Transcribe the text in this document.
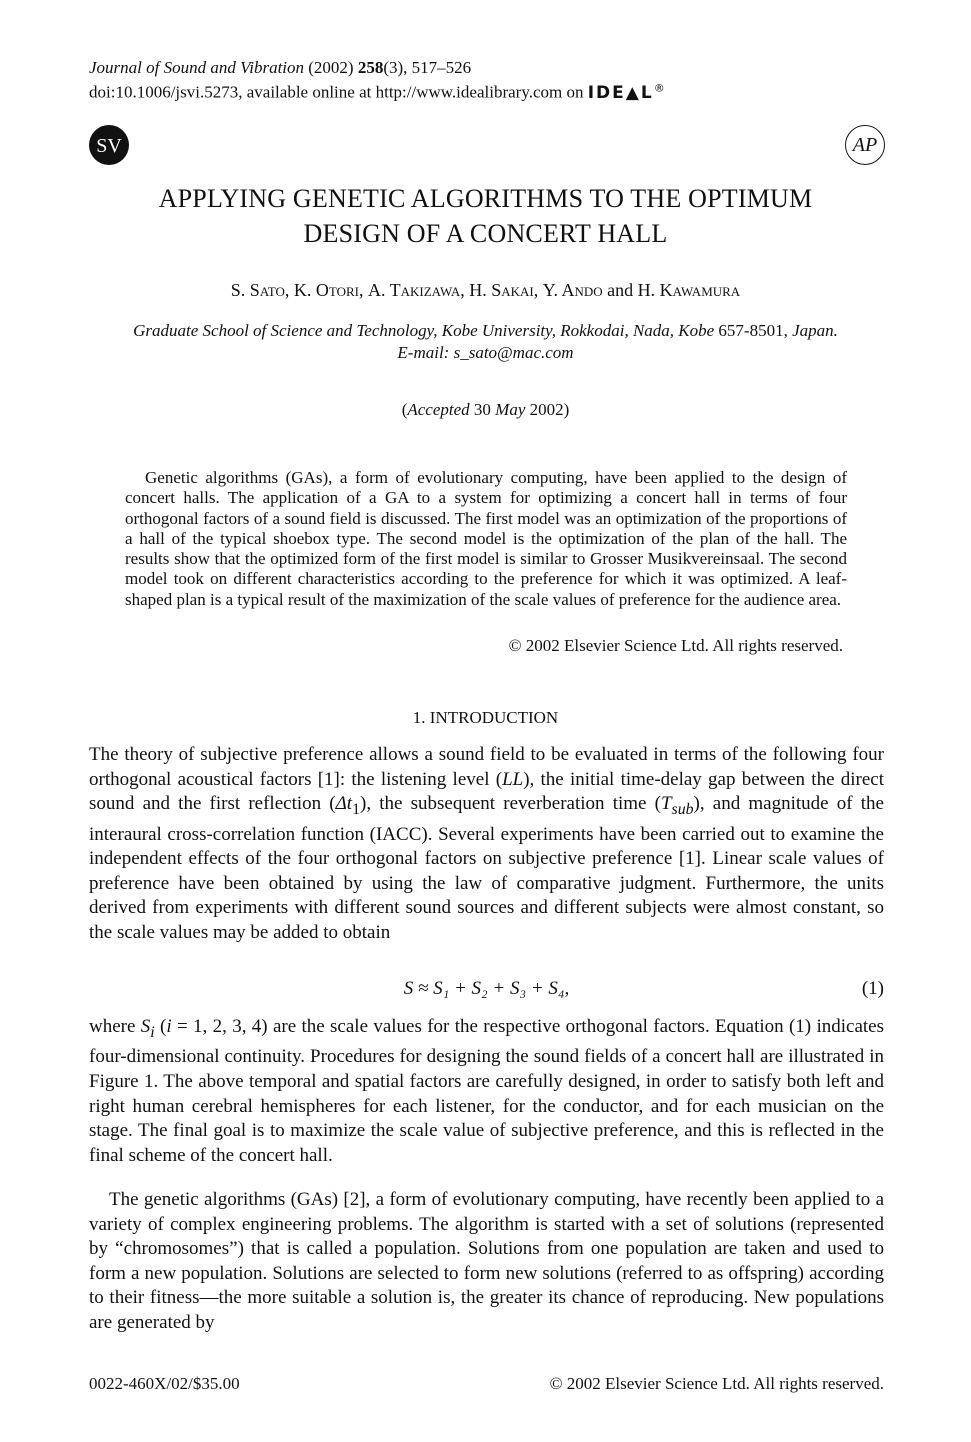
Journal of Sound and Vibration (2002) 258(3), 517–526
doi:10.1006/jsvi.5273, available online at http://www.idealibrary.com on IDE▲L®
SV	AP
APPLYING GENETIC ALGORITHMS TO THE OPTIMUM
DESIGN OF A CONCERT HALL
S. Sato, K. Otori, A. Takizawa, H. Sakai, Y. Ando and H. Kawamura
Graduate School of Science and Technology, Kobe University, Rokkodai, Nada, Kobe 657-8501, Japan.
E-mail: s_sato@mac.com
(Accepted 30 May 2002)
Genetic algorithms (GAs), a form of evolutionary computing, have been applied to the design of concert halls. The application of a GA to a system for optimizing a concert hall in terms of four orthogonal factors of a sound field is discussed. The first model was an optimization of the proportions of a hall of the typical shoebox type. The second model is the optimization of the plan of the hall. The results show that the optimized form of the first model is similar to Grosser Musikvereinsaal. The second model took on different characteristics according to the preference for which it was optimized. A leaf-shaped plan is a typical result of the maximization of the scale values of preference for the audience area.
© 2002 Elsevier Science Ltd. All rights reserved.
1. INTRODUCTION
The theory of subjective preference allows a sound field to be evaluated in terms of the following four orthogonal acoustical factors [1]: the listening level (LL), the initial time-delay gap between the direct sound and the first reflection $(\Delta t_1)$, the subsequent reverberation time $(T_{sub})$, and magnitude of the interaural cross-correlation function (IACC). Several experiments have been carried out to examine the independent effects of the four orthogonal factors on subjective preference [1]. Linear scale values of preference have been obtained by using the law of comparative judgment. Furthermore, the units derived from experiments with different sound sources and different subjects were almost constant, so the scale values may be added to obtain
S ≈ S₁ + S₂ + S₃ + S₄,	(1)
where $S_i$ (i = 1, 2, 3, 4) are the scale values for the respective orthogonal factors. Equation (1) indicates four-dimensional continuity. Procedures for designing the sound fields of a concert hall are illustrated in Figure 1. The above temporal and spatial factors are carefully designed, in order to satisfy both left and right human cerebral hemispheres for each listener, for the conductor, and for each musician on the stage. The final goal is to maximize the scale value of subjective preference, and this is reflected in the final scheme of the concert hall.
The genetic algorithms (GAs) [2], a form of evolutionary computing, have recently been applied to a variety of complex engineering problems. The algorithm is started with a set of solutions (represented by “chromosomes”) that is called a population. Solutions from one population are taken and used to form a new population. Solutions are selected to form new solutions (referred to as offspring) according to their fitness—the more suitable a solution is, the greater its chance of reproducing. New populations are generated by
0022-460X/02/$35.00	© 2002 Elsevier Science Ltd. All rights reserved.
